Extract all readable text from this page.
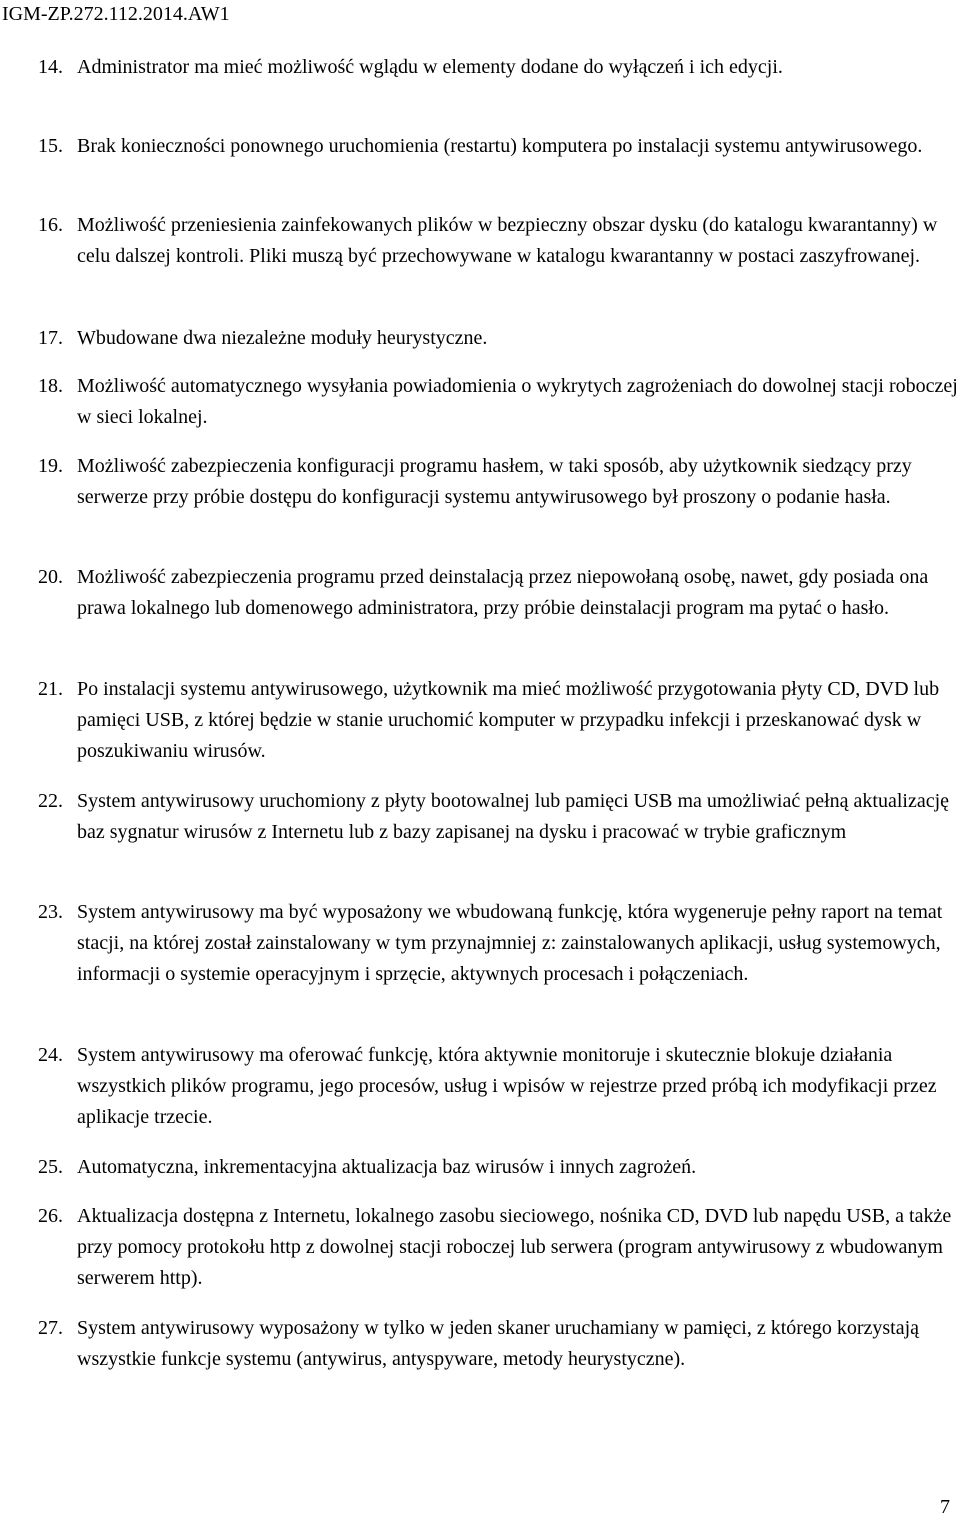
IGM-ZP.272.112.2014.AW1
14. Administrator ma mieć możliwość wglądu w elementy dodane do wyłączeń i ich edycji.
15. Brak konieczności ponownego uruchomienia (restartu) komputera po instalacji systemu antywirusowego.
16. Możliwość przeniesienia zainfekowanych plików w bezpieczny obszar dysku (do katalogu kwarantanny) w celu dalszej kontroli. Pliki muszą być przechowywane w katalogu kwarantanny w postaci zaszyfrowanej.
17. Wbudowane dwa niezależne moduły heurystyczne.
18. Możliwość automatycznego wysyłania powiadomienia o wykrytych zagrożeniach do dowolnej stacji roboczej w sieci lokalnej.
19. Możliwość zabezpieczenia konfiguracji programu hasłem, w taki sposób, aby użytkownik siedzący przy serwerze przy próbie dostępu do konfiguracji systemu antywirusowego był proszony o podanie hasła.
20. Możliwość zabezpieczenia programu przed deinstalacją przez niepowołaną osobę, nawet, gdy posiada ona prawa lokalnego lub domenowego administratora, przy próbie deinstalacji program ma pytać o hasło.
21. Po instalacji systemu antywirusowego, użytkownik ma mieć możliwość przygotowania płyty CD, DVD lub pamięci USB, z której będzie w stanie uruchomić komputer w przypadku infekcji i przeskanować dysk w poszukiwaniu wirusów.
22. System antywirusowy uruchomiony z płyty bootowalnej lub pamięci USB ma umożliwiać pełną aktualizację baz sygnatur wirusów z Internetu lub z bazy zapisanej na dysku i pracować w trybie graficznym
23. System antywirusowy ma być wyposażony we wbudowaną funkcję, która wygeneruje pełny raport na temat stacji, na której został zainstalowany w tym przynajmniej z: zainstalowanych aplikacji, usług systemowych, informacji o systemie operacyjnym i sprzęcie, aktywnych procesach i połączeniach.
24. System antywirusowy ma oferować funkcję, która aktywnie monitoruje i skutecznie blokuje działania wszystkich plików programu, jego procesów, usług i wpisów w rejestrze przed próbą ich modyfikacji przez aplikacje trzecie.
25. Automatyczna, inkrementacyjna aktualizacja baz wirusów i innych zagrożeń.
26. Aktualizacja dostępna z Internetu, lokalnego zasobu sieciowego, nośnika CD, DVD lub napędu USB, a także przy pomocy protokołu http z dowolnej stacji roboczej lub serwera (program antywirusowy z wbudowanym serwerem http).
27. System antywirusowy wyposażony w tylko w jeden skaner uruchamiany w pamięci, z którego korzystają wszystkie funkcje systemu (antywirus, antyspyware, metody heurystyczne).
7
